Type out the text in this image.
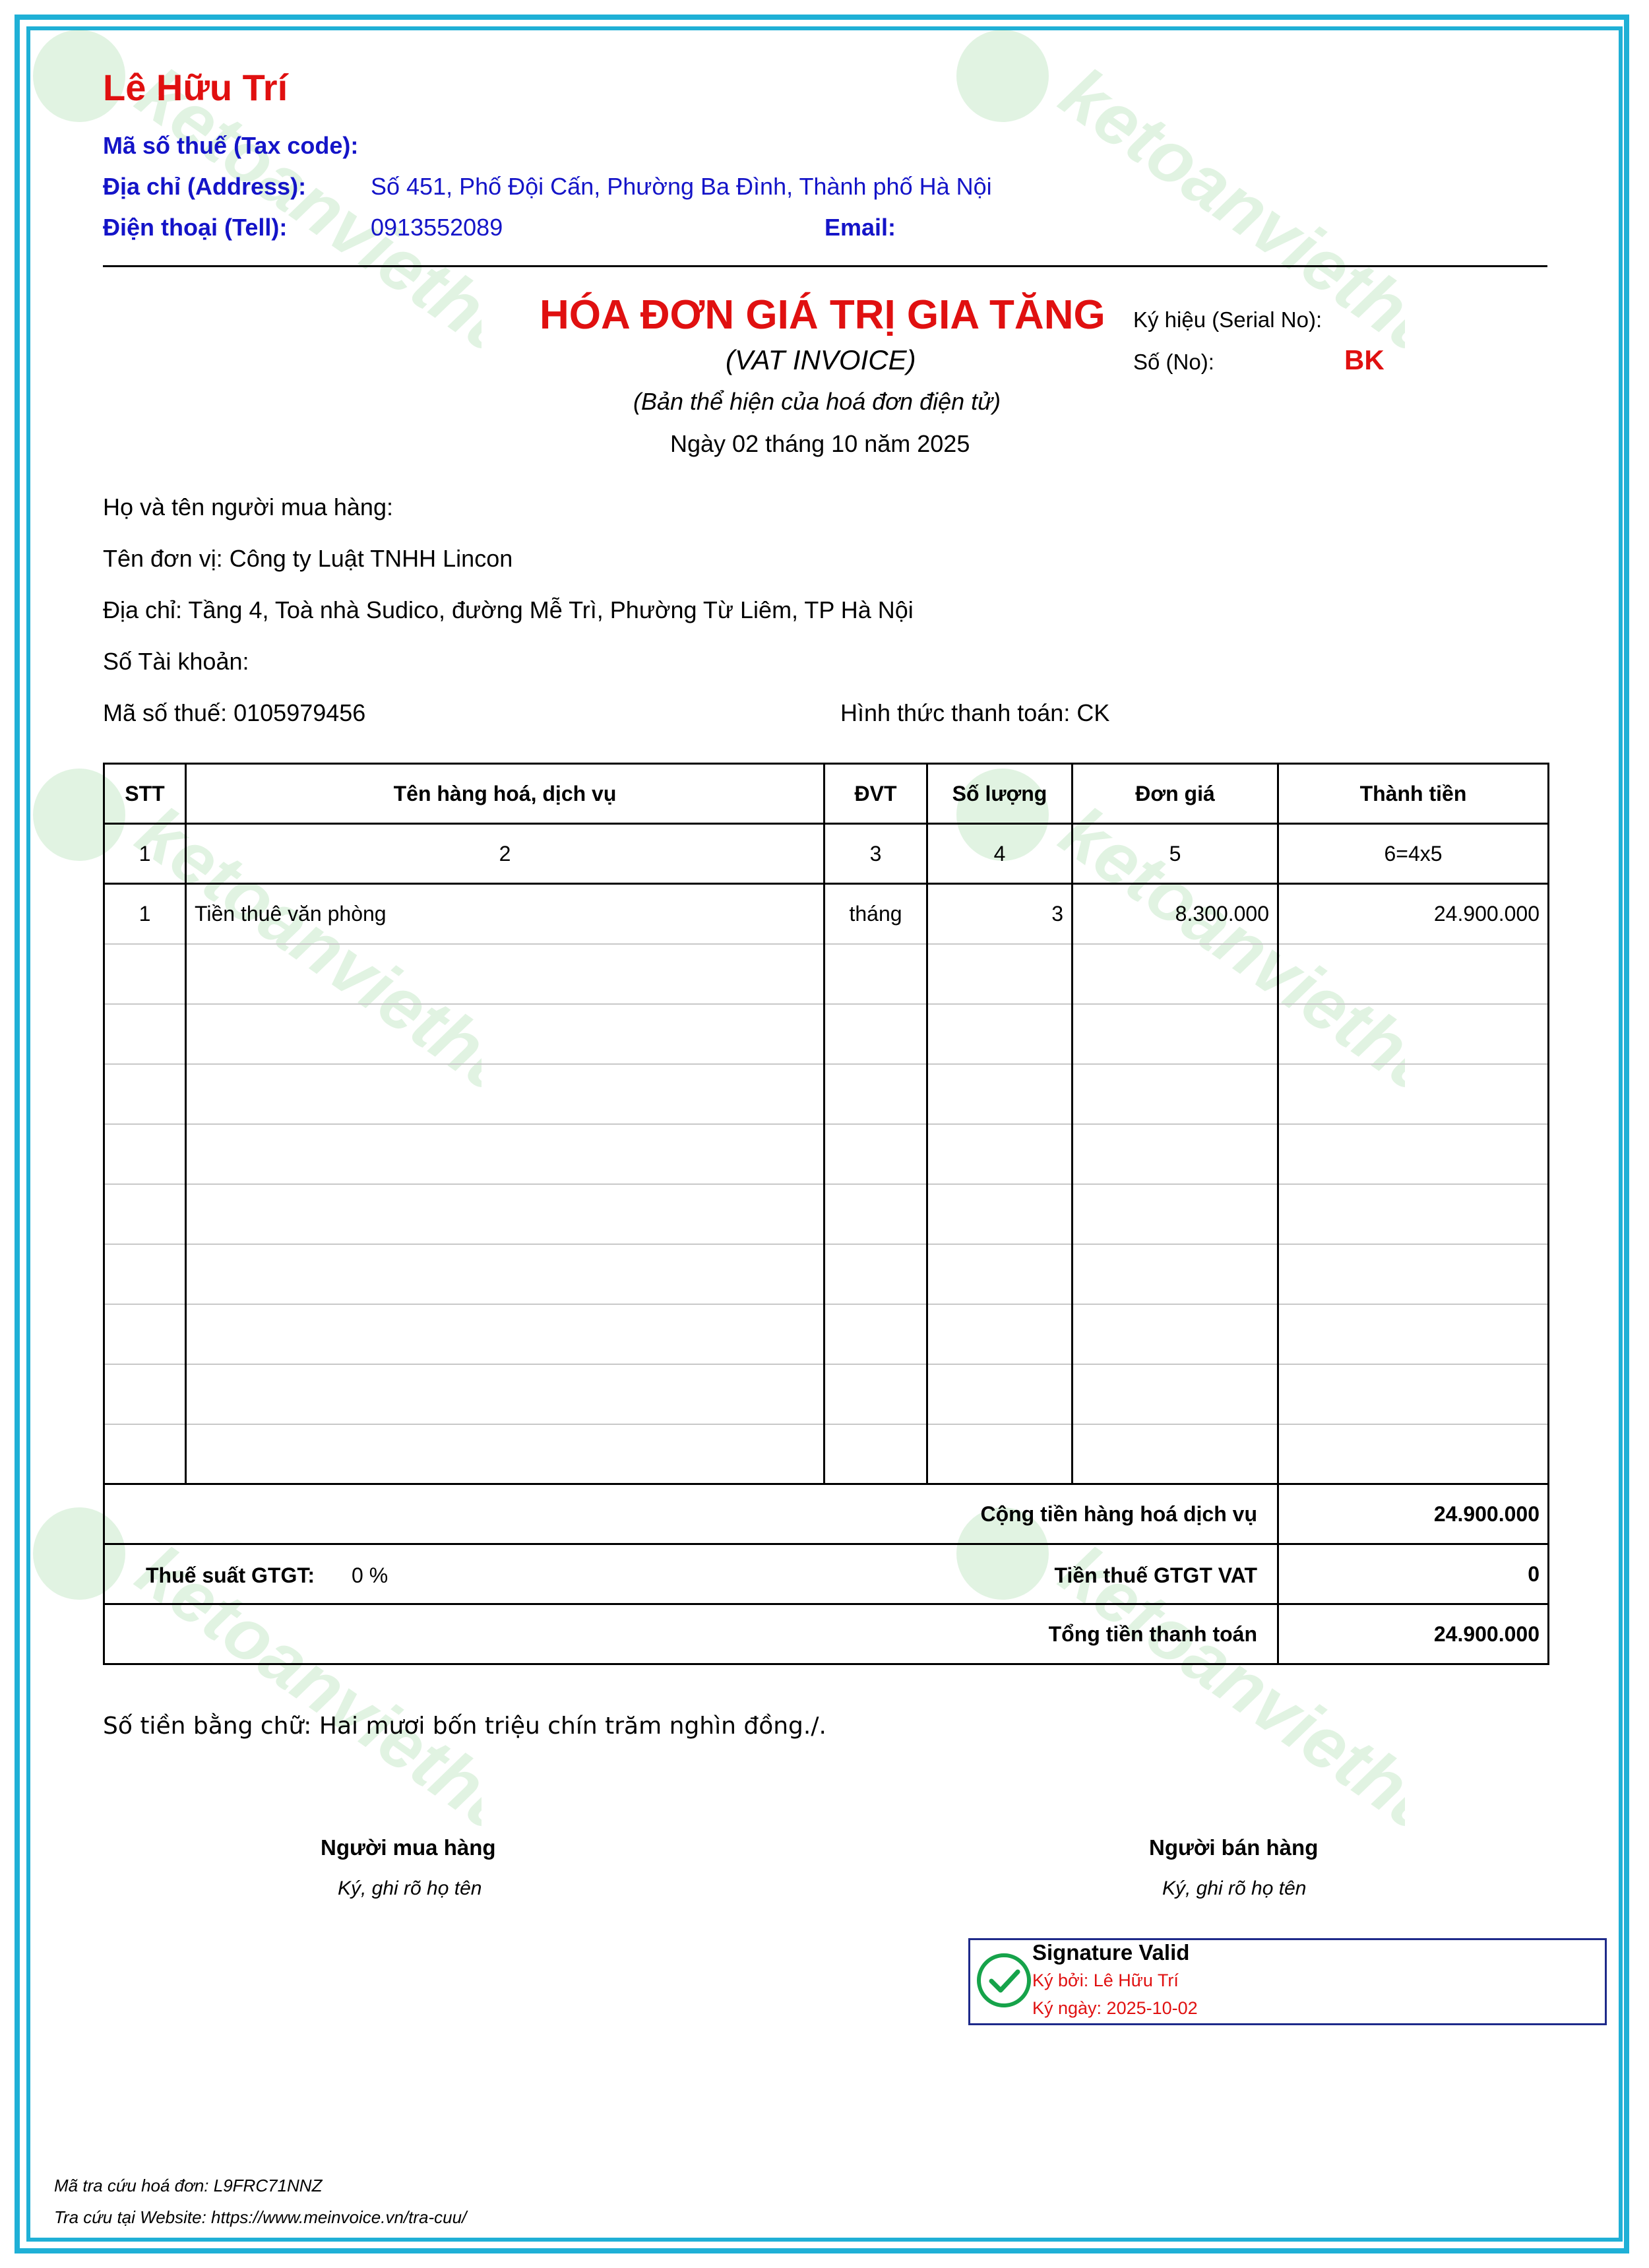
ketoanviethung	ketoanviethung
ketoanviethung	ketoanviethung
ketoanviethung	ketoanviethung
Lê Hữu Trí
Mã số thuế (Tax code):
Địa chỉ (Address):	Số 451, Phố Đội Cấn, Phường Ba Đình, Thành phố Hà Nội
Điện thoại (Tell):	0913552089	Email:
HÓA ĐƠN GIÁ TRỊ GIA TĂNG
(VAT INVOICE)
(Bản thể hiện của hoá đơn điện tử)
Ngày 02 tháng 10 năm 2025
Ký hiệu (Serial No):
Số (No):	BK
Họ và tên người mua hàng:
Tên đơn vị: Công ty Luật TNHH Lincon
Địa chỉ: Tầng 4, Toà nhà Sudico, đường Mễ Trì, Phường Từ Liêm, TP Hà Nội
Số Tài khoản:
Mã số thuế: 0105979456	Hình thức thanh toán: CK
STT	Tên hàng hoá, dịch vụ	ĐVT	Số lượng	Đơn giá	Thành tiền
1	2	3	4	5	6=4x5
1	Tiền thuê văn phòng	tháng	3	8.300.000	24.900.000

Cộng tiền hàng hoá dịch vụ					24.900.000

Thuế suất GTGT: 0 % Tiền thuế GTGT VAT					0
Tổng tiền thanh toán					24.900.000
Số tiền bằng chữ: Hai mươi bốn triệu chín trăm nghìn đồng./.
Người mua hàng
Ký, ghi rõ họ tên
Người bán hàng
Ký, ghi rõ họ tên
Signature Valid
Ký bởi: Lê Hữu Trí
Ký ngày: 2025-10-02
Mã tra cứu hoá đơn: L9FRC71NNZ
Tra cứu tại Website: https://www.meinvoice.vn/tra-cuu/
